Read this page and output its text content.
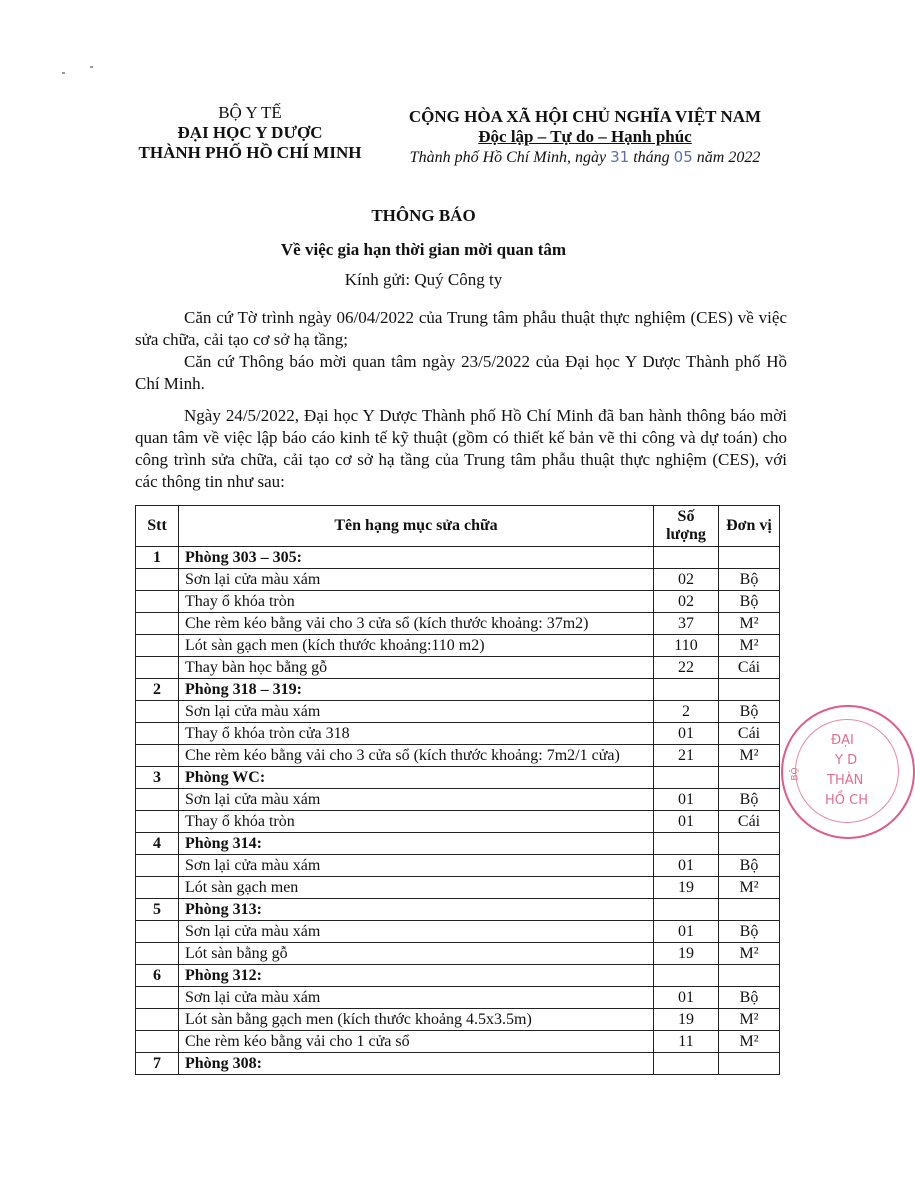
BỘ Y TẾ
ĐẠI HỌC Y DƯỢC
THÀNH PHỐ HỒ CHÍ MINH
CỘNG HÒA XÃ HỘI CHỦ NGHĨA VIỆT NAM
Độc lập – Tự do – Hạnh phúc
Thành phố Hồ Chí Minh, ngày 31 tháng 05 năm 2022
THÔNG BÁO
Về việc gia hạn thời gian mời quan tâm
Kính gửi: Quý Công ty
Căn cứ Tờ trình ngày 06/04/2022 của Trung tâm phẫu thuật thực nghiệm (CES) về việc sửa chữa, cải tạo cơ sở hạ tầng;
Căn cứ Thông báo mời quan tâm ngày 23/5/2022 của Đại học Y Dược Thành phố Hồ Chí Minh.
Ngày 24/5/2022, Đại học Y Dược Thành phố Hồ Chí Minh đã ban hành thông báo mời quan tâm về việc lập báo cáo kinh tế kỹ thuật (gồm có thiết kế bản vẽ thi công và dự toán) cho công trình sửa chữa, cải tạo cơ sở hạ tầng của Trung tâm phẫu thuật thực nghiệm (CES), với các thông tin như sau:
Stt	Tên hạng mục sửa chữa	Số lượng	Đơn vị
1	Phòng 303 – 305:		
	Sơn lại cửa màu xám	02	Bộ
	Thay ổ khóa tròn	02	Bộ
	Che rèm kéo bằng vải cho 3 cửa sổ (kích thước khoảng: 37m2)	37	M²
	Lót sàn gạch men (kích thước khoảng:110 m2)	110	M²
	Thay bàn học bằng gỗ	22	Cái
2	Phòng 318 – 319:		
	Sơn lại cửa màu xám	2	Bộ
	Thay ổ khóa tròn cửa 318	01	Cái
	Che rèm kéo bằng vải cho 3 cửa sổ (kích thước khoảng: 7m2/1 cửa)	21	M²
3	Phòng WC:		
	Sơn lại cửa màu xám	01	Bộ
	Thay ổ khóa tròn	01	Cái
4	Phòng 314:		
	Sơn lại cửa màu xám	01	Bộ
	Lót sàn gạch men	19	M²
5	Phòng 313:		
	Sơn lại cửa màu xám	01	Bộ
	Lót sàn bằng gỗ	19	M²
6	Phòng 312:		
	Sơn lại cửa màu xám	01	Bộ
	Lót sàn bằng gạch men (kích thước khoảng 4.5x3.5m)	19	M²
	Che rèm kéo bằng vải cho 1 cửa sổ	11	M²
7	Phòng 308:		
ĐẠI
Y D
THÀN
HỒ CH
BỘ
